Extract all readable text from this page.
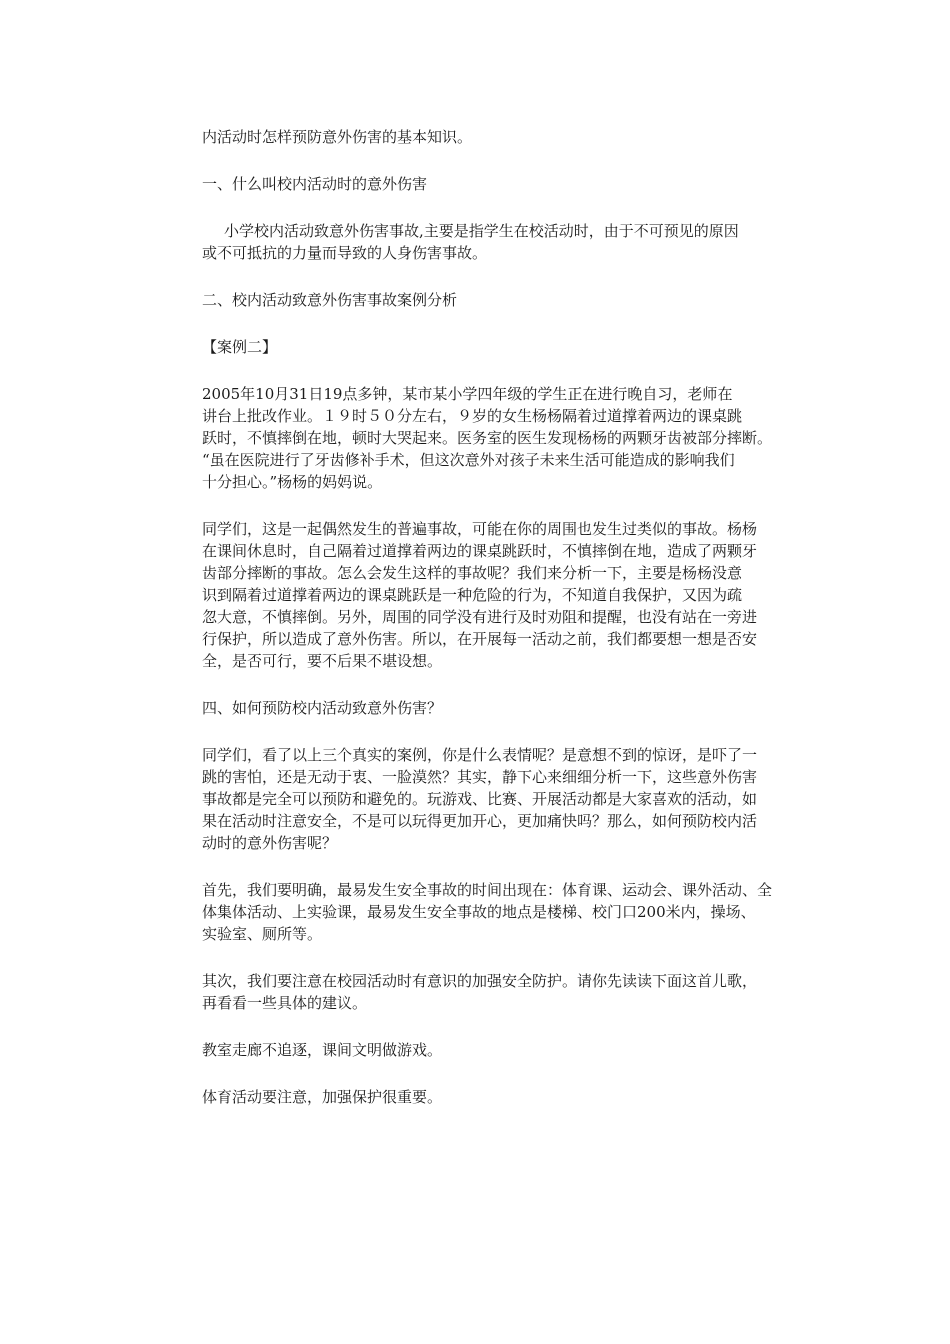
内活动时怎样预防意外伤害的基本知识。

一、什么叫校内活动时的意外伤害

小学校内活动致意外伤害事故,主要是指学生在校活动时，由于不可预见的原因
或不可抵抗的力量而导致的人身伤害事故。

二、校内活动致意外伤害事故案例分析

【案例二】

2005年10月31日19点多钟，某市某小学四年级的学生正在进行晚自习，老师在
讲台上批改作业。１９时５０分左右，９岁的女生杨杨隔着过道撑着两边的课桌跳
跃时，不慎摔倒在地，顿时大哭起来。医务室的医生发现杨杨的两颗牙齿被部分摔断。
“虽在医院进行了牙齿修补手术，但这次意外对孩子未来生活可能造成的影响我们
十分担心。”杨杨的妈妈说。

同学们，这是一起偶然发生的普遍事故，可能在你的周围也发生过类似的事故。杨杨
在课间休息时，自己隔着过道撑着两边的课桌跳跃时，不慎摔倒在地，造成了两颗牙
齿部分摔断的事故。怎么会发生这样的事故呢？我们来分析一下，主要是杨杨没意
识到隔着过道撑着两边的课桌跳跃是一种危险的行为，不知道自我保护，又因为疏
忽大意，不慎摔倒。另外，周围的同学没有进行及时劝阻和提醒，也没有站在一旁进
行保护，所以造成了意外伤害。所以，在开展每一活动之前，我们都要想一想是否安
全，是否可行，要不后果不堪设想。

四、如何预防校内活动致意外伤害？

同学们，看了以上三个真实的案例，你是什么表情呢？是意想不到的惊讶，是吓了一
跳的害怕，还是无动于衷、一脸漠然？其实，静下心来细细分析一下，这些意外伤害
事故都是完全可以预防和避免的。玩游戏、比赛、开展活动都是大家喜欢的活动，如
果在活动时注意安全，不是可以玩得更加开心，更加痛快吗？那么，如何预防校内活
动时的意外伤害呢？

首先，我们要明确，最易发生安全事故的时间出现在：体育课、运动会、课外活动、全
体集体活动、上实验课，最易发生安全事故的地点是楼梯、校门口200米内，操场、
实验室、厕所等。

其次，我们要注意在校园活动时有意识的加强安全防护。请你先读读下面这首儿歌，
再看看一些具体的建议。

教室走廊不追逐，课间文明做游戏。

体育活动要注意，加强保护很重要。
